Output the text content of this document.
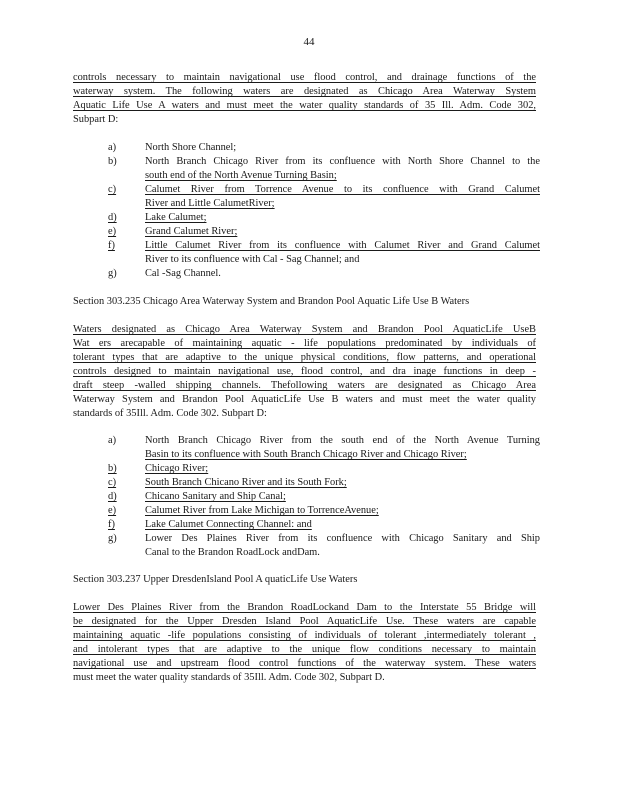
44
controls necessary to maintain navigational use flood control, and drainage functions of the
waterway system. The following waters are designated as Chicago Area Waterway System
Aquatic Life Use A waters and must meet the water quality standards of 35 Ill. Adm. Code 302,
Subpart D:
a)	North Shore Channel;
b)	North Branch Chicago River from its confluence with North Shore Channel to the
south end of the North Avenue Turning Basin;
c)	Calumet River from Torrence Avenue to its confluence with Grand Calumet
River and Little CalumetRiver;
d)	Lake Calumet;
e)	Grand Calumet River;
f)	Little Calumet River from its confluence with Calumet River and Grand Calumet
River to its confluence with Cal - Sag Channel; and
g)	Cal -Sag Channel.
Section 303.235 Chicago Area Waterway System and Brandon Pool Aquatic Life Use B Waters
Waters designated as Chicago Area Waterway System and Brandon Pool AquaticLife UseB
Wat ers arecapable of maintaining aquatic - life populations predominated by individuals of
tolerant types that are adaptive to the unique physical conditions, flow patterns, and operational
controls designed to maintain navigational use, flood control, and dra inage functions in deep -
draft steep -walled shipping channels. Thefollowing waters are designated as Chicago Area
Waterway System and Brandon Pool AquaticLife Use B waters and must meet the water quality
standards of 35Ill. Adm. Code 302. Subpart D:
a)	North Branch Chicago River from the south end of the North Avenue Turning
Basin to its confluence with South Branch Chicago River and Chicago River;
b)	Chicago River;
c)	South Branch Chicano River and its South Fork;
d)	Chicano Sanitary and Ship Canal;
e)	Calumet River from Lake Michigan to TorrenceAvenue;
f)	Lake Calumet Connecting Channel: and
g)	Lower Des Plaines River from its confluence with Chicago Sanitary and Ship
Canal to the Brandon RoadLock andDam.
Section 303.237 Upper DresdenIsland Pool A quaticLife Use Waters
Lower Des Plaines River from the Brandon RoadLockand Dam to the Interstate 55 Bridge will
be designated for the Upper Dresden Island Pool AquaticLife Use. These waters are capable
maintaining aquatic -life populations consisting of individuals of tolerant ,intermediately tolerant ,
and intolerant types that are adaptive to the unique flow conditions necessary to maintain
navigational use and upstream flood control functions of the waterway system. These waters
must meet the water quality standards of 35Ill. Adm. Code 302, Subpart D.
